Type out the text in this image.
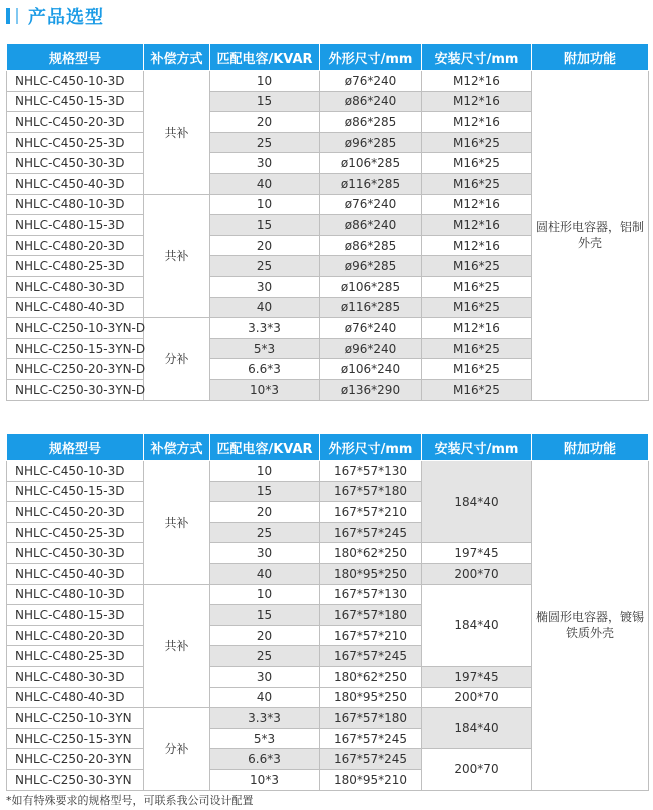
产品选型
规格型号	补偿方式	匹配电容/KVAR	外形尺寸/mm	安装尺寸/mm	附加功能
NHLC-C450-10-3D	共补	10	ø76*240	M12*16	圆柱形电容器，铝制外壳
NHLC-C450-15-3D		15	ø86*240	M12*16	
NHLC-C450-20-3D		20	ø86*285	M12*16	
NHLC-C450-25-3D		25	ø96*285	M16*25	
NHLC-C450-30-3D		30	ø106*285	M16*25	
NHLC-C450-40-3D		40	ø116*285	M16*25	
NHLC-C480-10-3D	共补	10	ø76*240	M12*16	
NHLC-C480-15-3D		15	ø86*240	M12*16	
NHLC-C480-20-3D		20	ø86*285	M12*16	
NHLC-C480-25-3D		25	ø96*285	M16*25	
NHLC-C480-30-3D		30	ø106*285	M16*25	
NHLC-C480-40-3D		40	ø116*285	M16*25	
NHLC-C250-10-3YN-D	分补	3.3*3	ø76*240	M12*16	
NHLC-C250-15-3YN-D		5*3	ø96*240	M16*25	
NHLC-C250-20-3YN-D		6.6*3	ø106*240	M16*25	
NHLC-C250-30-3YN-D		10*3	ø136*290	M16*25	
规格型号	补偿方式	匹配电容/KVAR	外形尺寸/mm	安装尺寸/mm	附加功能
NHLC-C450-10-3D	共补	10	167*57*130	184*40	椭圆形电容器，镀锡铁质外壳
NHLC-C450-15-3D		15	167*57*180		
NHLC-C450-20-3D		20	167*57*210		
NHLC-C450-25-3D		25	167*57*245		
NHLC-C450-30-3D		30	180*62*250	197*45	
NHLC-C450-40-3D		40	180*95*250	200*70	
NHLC-C480-10-3D	共补	10	167*57*130	184*40	
NHLC-C480-15-3D		15	167*57*180		
NHLC-C480-20-3D		20	167*57*210		
NHLC-C480-25-3D		25	167*57*245		
NHLC-C480-30-3D		30	180*62*250	197*45	
NHLC-C480-40-3D		40	180*95*250	200*70	
NHLC-C250-10-3YN	分补	3.3*3	167*57*180	184*40	
NHLC-C250-15-3YN		5*3	167*57*245		
NHLC-C250-20-3YN		6.6*3	167*57*245	200*70	
NHLC-C250-30-3YN		10*3	180*95*210		
*如有特殊要求的规格型号，可联系我公司设计配置
